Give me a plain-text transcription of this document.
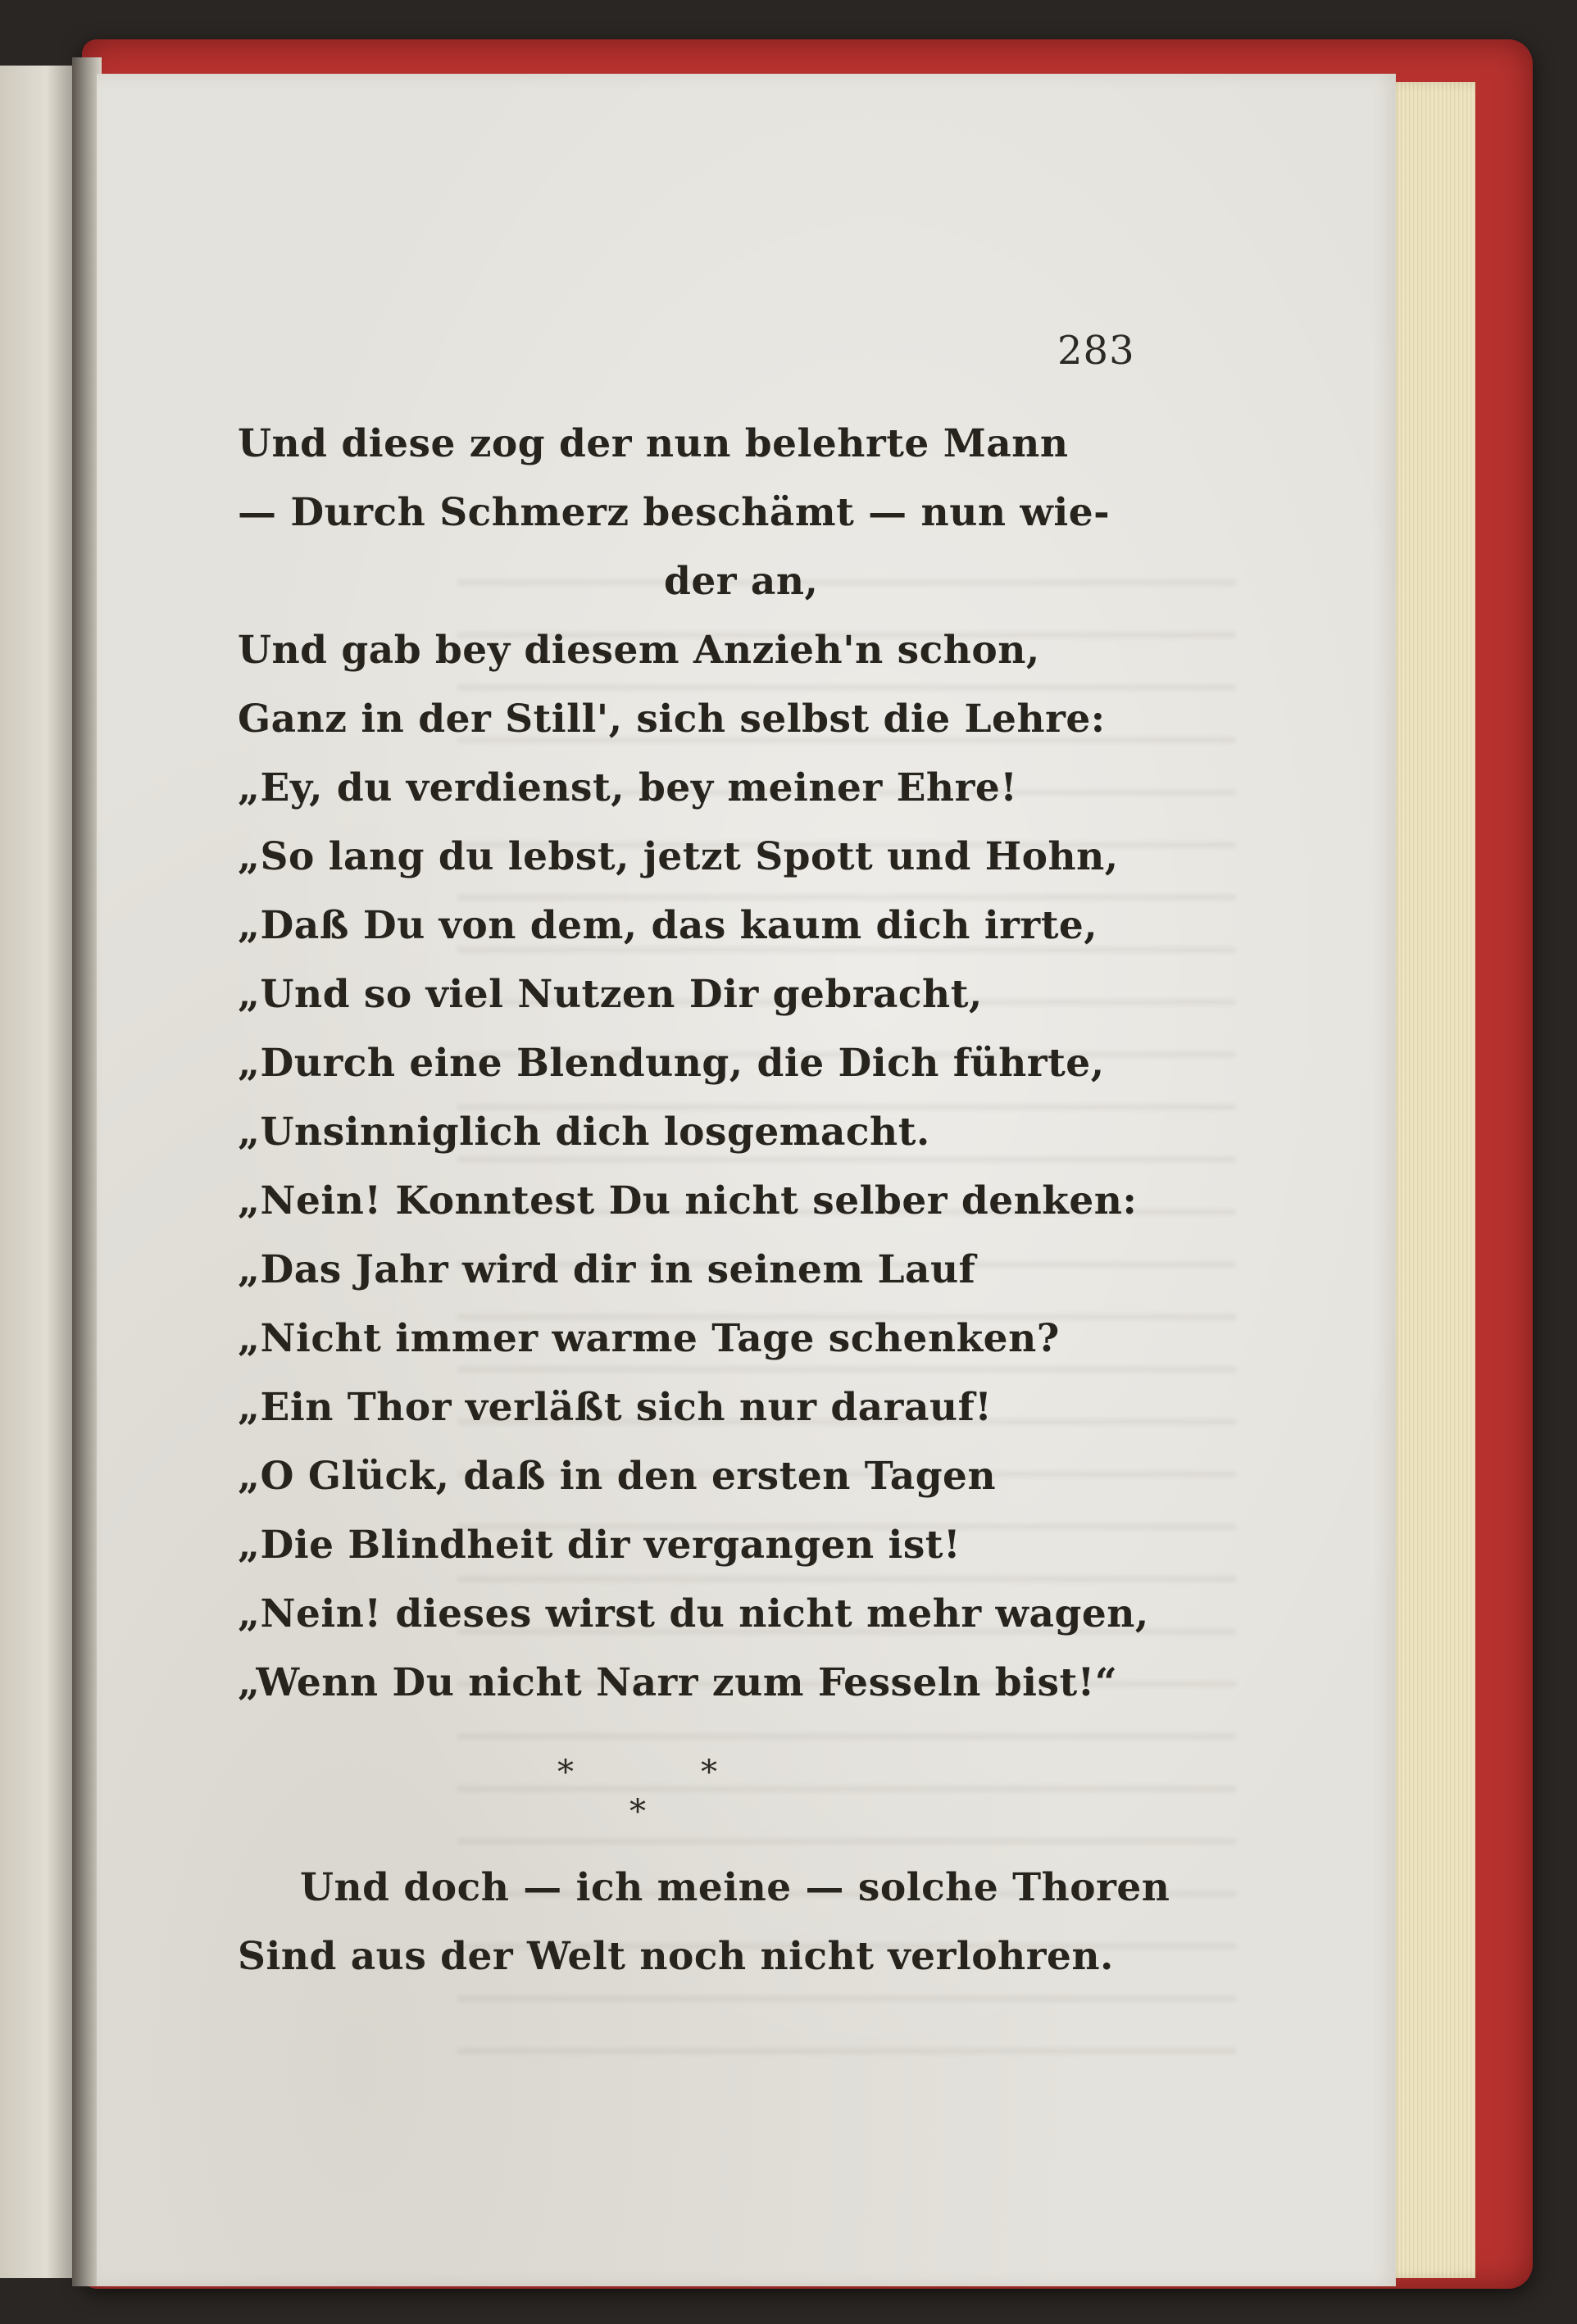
283
Und diese zog der nun belehrte Mann
— Durch Schmerz beschämt — nun wie-
der an,
Und gab bey diesem Anzieh'n schon,
Ganz in der Still', sich selbst die Lehre:
„Ey, du verdienst, bey meiner Ehre!
„So lang du lebst, jetzt Spott und Hohn,
„Daß Du von dem, das kaum dich irrte,
„Und so viel Nutzen Dir gebracht,
„Durch eine Blendung, die Dich führte,
„Unsinniglich dich losgemacht.
„Nein! Konntest Du nicht selber denken:
„Das Jahr wird dir in seinem Lauf
„Nicht immer warme Tage schenken?
„Ein Thor verläßt sich nur darauf!
„O Glück, daß in den ersten Tagen
„Die Blindheit dir vergangen ist!
„Nein! dieses wirst du nicht mehr wagen,
„Wenn Du nicht Narr zum Fesseln bist!“
*	*
*
Und doch — ich meine — solche Thoren
Sind aus der Welt noch nicht verlohren.
